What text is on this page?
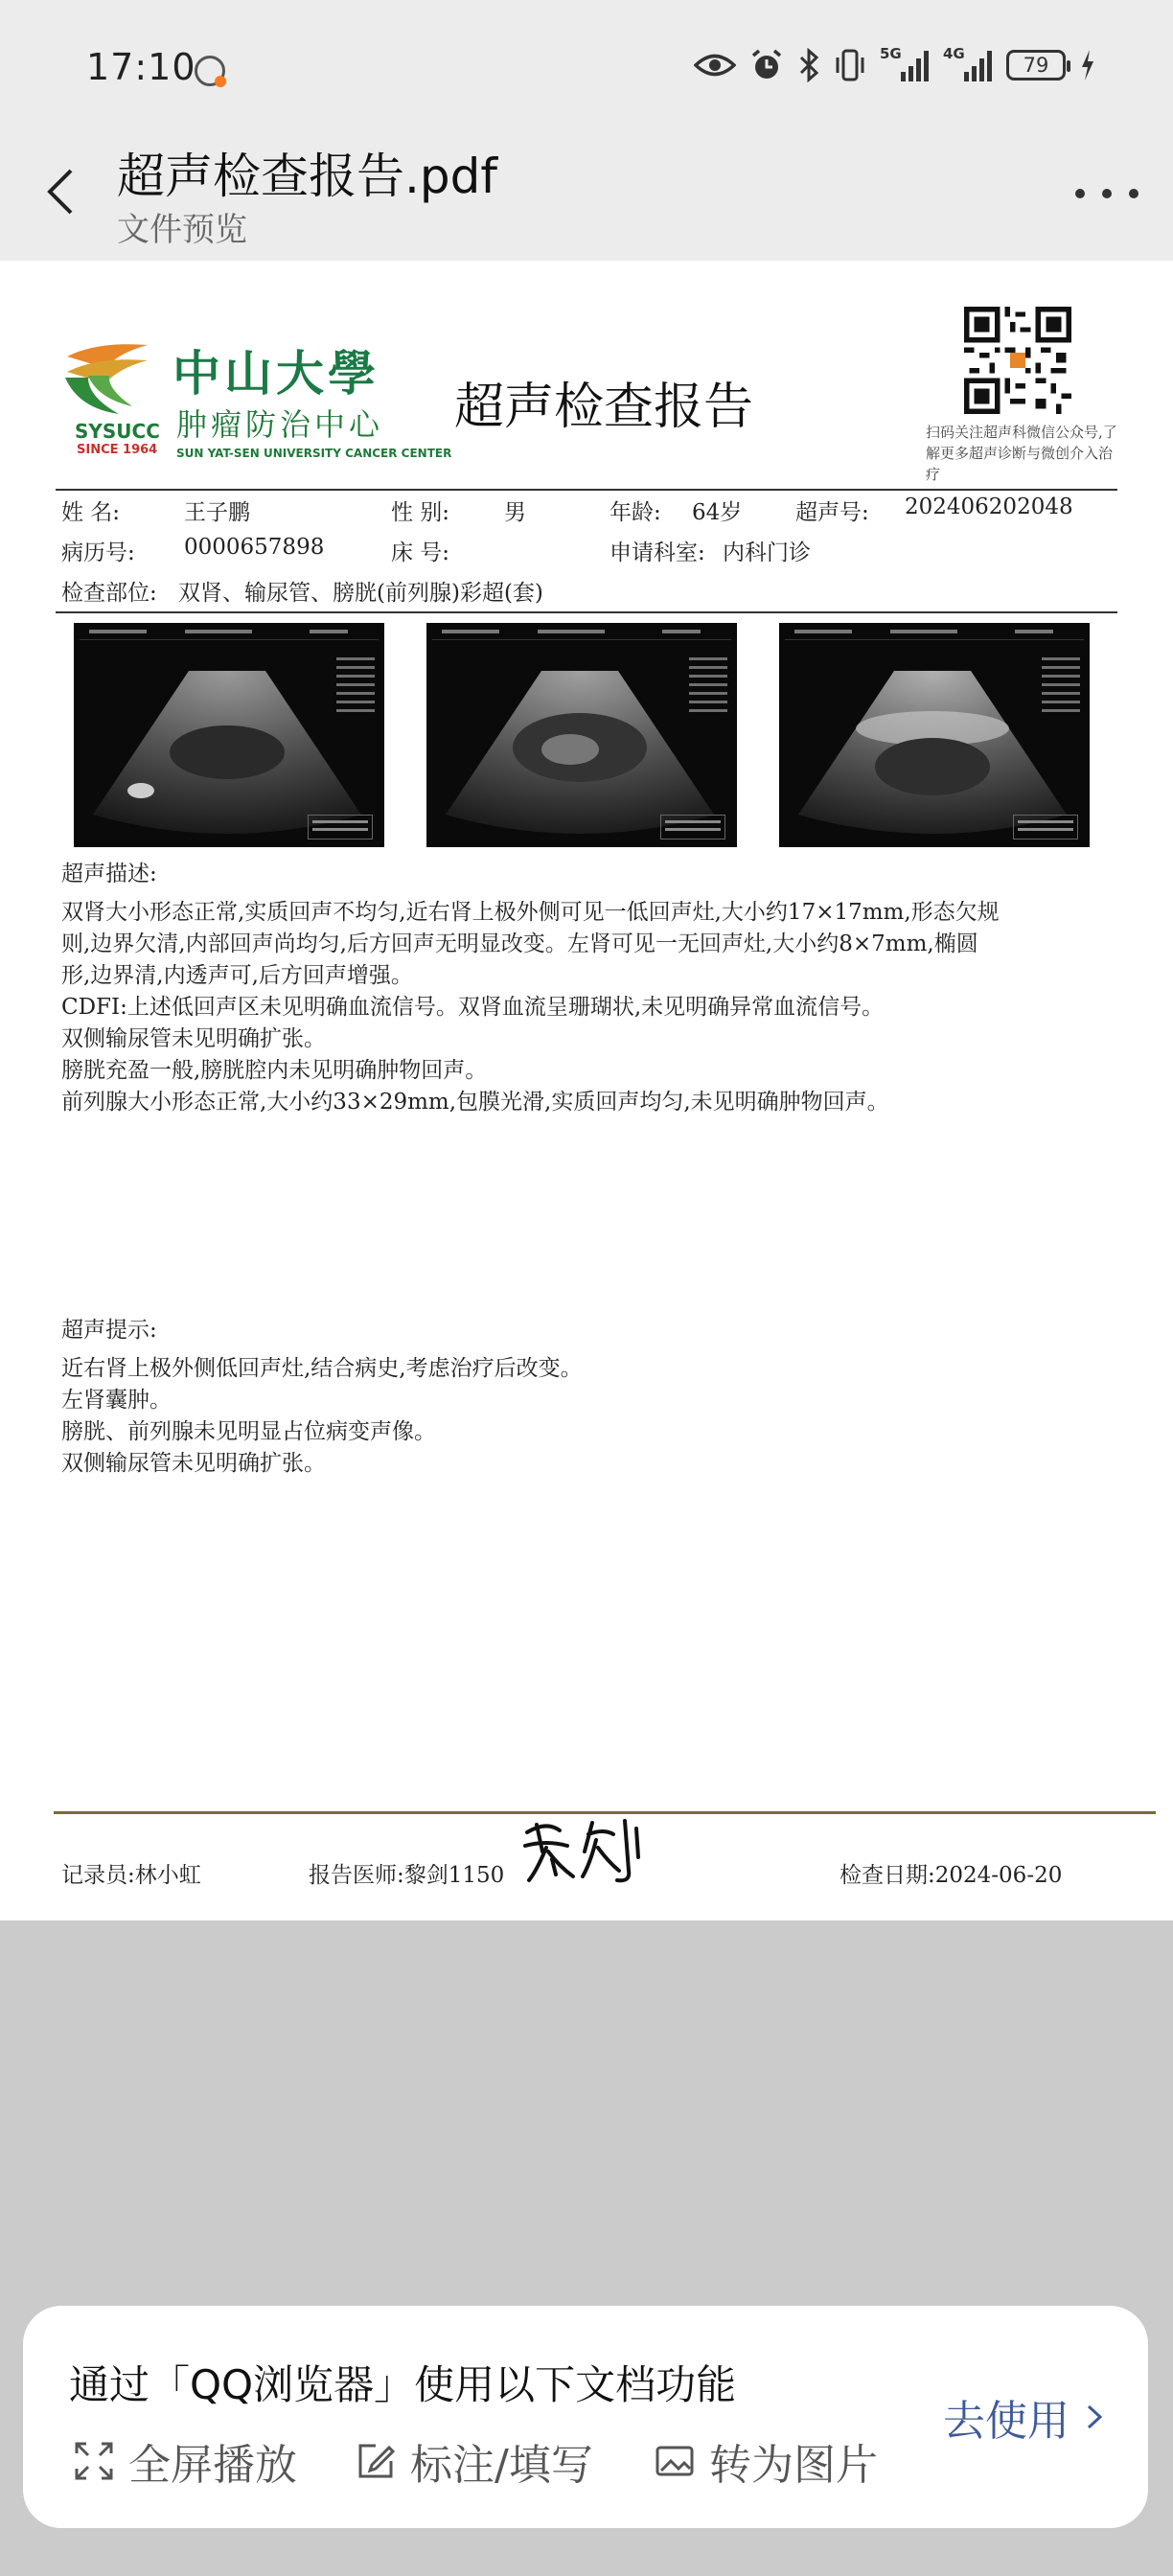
17:10	5G	4G	79
超声检查报告.pdf
文件预览
SYSUCC
SINCE 1964
中山大學
肿瘤防治中心
SUN YAT-SEN UNIVERSITY CANCER CENTER
超声检查报告	扫码关注超声科微信公众号,了解更多超声诊断与微创介入治疗
姓 名:	王子鹏	性 别: 男	年龄: 64岁 超声号: 202406202048
病历号: 0000657898	床 号:	申请科室: 内科门诊
检查部位: 双肾、输尿管、膀胱(前列腺)彩超(套)
超声描述:
双肾大小形态正常,实质回声不均匀,近右肾上极外侧可见一低回声灶,大小约17×17mm,形态欠规
则,边界欠清,内部回声尚均匀,后方回声无明显改变。左肾可见一无回声灶,大小约8×7mm,椭圆
形,边界清,内透声可,后方回声增强。
CDFI:上述低回声区未见明确血流信号。双肾血流呈珊瑚状,未见明确异常血流信号。
双侧输尿管未见明确扩张。
膀胱充盈一般,膀胱腔内未见明确肿物回声。
前列腺大小形态正常,大小约33×29mm,包膜光滑,实质回声均匀,未见明确肿物回声。
超声提示:
近右肾上极外侧低回声灶,结合病史,考虑治疗后改变。
左肾囊肿。
膀胱、前列腺未见明显占位病变声像。
双侧输尿管未见明确扩张。
记录员:林小虹	报告医师:黎剑1150	检查日期:2024-06-20
通过「QQ浏览器」使用以下文档功能
全屏播放	标注/填写	转为图片
去使用
